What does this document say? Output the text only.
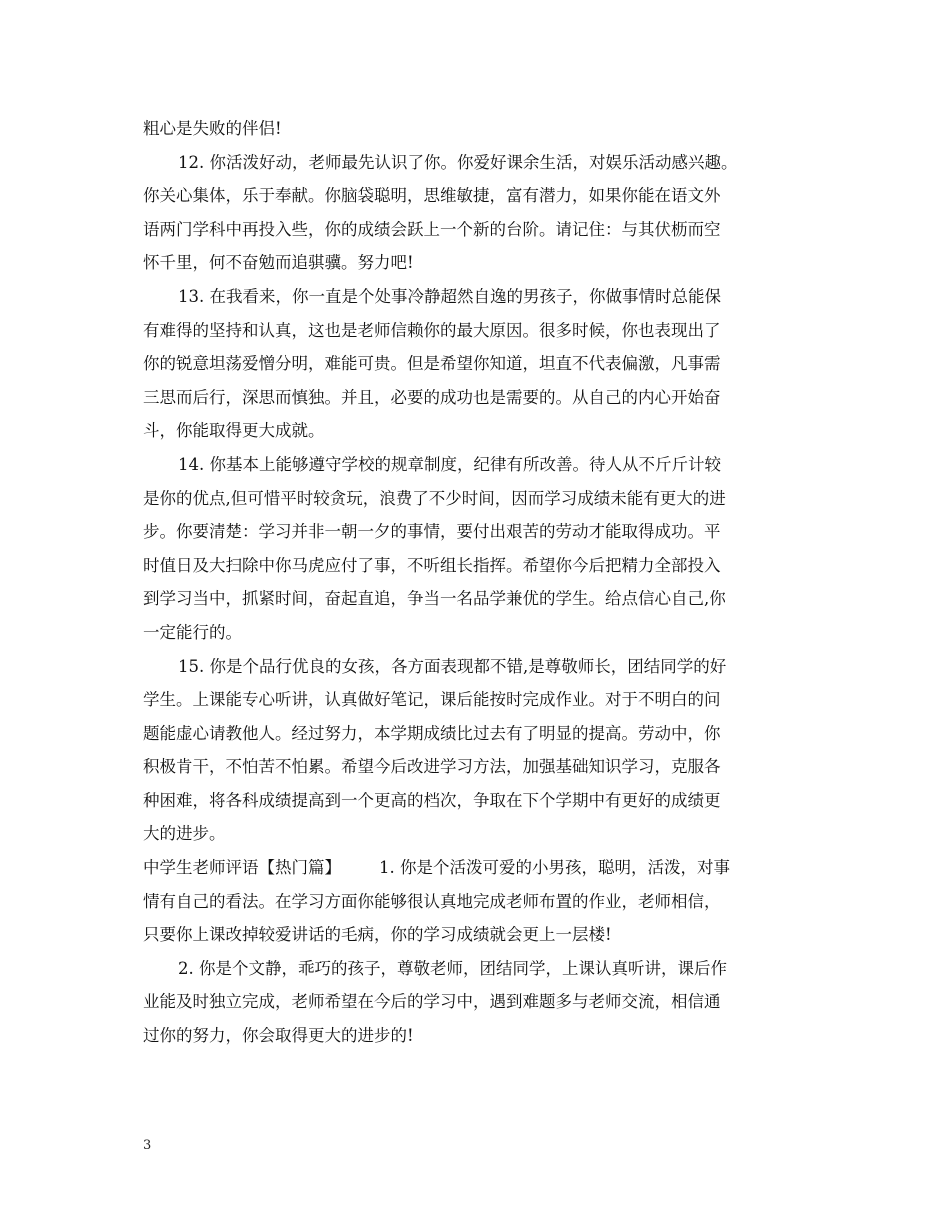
粗心是失败的伴侣!
12. 你活泼好动，老师最先认识了你。你爱好课余生活，对娱乐活动感兴趣。
你关心集体，乐于奉献。你脑袋聪明，思维敏捷，富有潜力，如果你能在语文外
语两门学科中再投入些，你的成绩会跃上一个新的台阶。请记住：与其伏枥而空
怀千里，何不奋勉而追骐骥。努力吧!
13. 在我看来，你一直是个处事冷静超然自逸的男孩子，你做事情时总能保
有难得的坚持和认真，这也是老师信赖你的最大原因。很多时候，你也表现出了
你的锐意坦荡爱憎分明，难能可贵。但是希望你知道，坦直不代表偏激，凡事需
三思而后行，深思而慎独。并且，必要的成功也是需要的。从自己的内心开始奋
斗，你能取得更大成就。
14. 你基本上能够遵守学校的规章制度，纪律有所改善。待人从不斤斤计较
是你的优点,但可惜平时较贪玩，浪费了不少时间，因而学习成绩未能有更大的进
步。你要清楚：学习并非一朝一夕的事情，要付出艰苦的劳动才能取得成功。平
时值日及大扫除中你马虎应付了事，不听组长指挥。希望你今后把精力全部投入
到学习当中，抓紧时间，奋起直追，争当一名品学兼优的学生。给点信心自己,你
一定能行的。
15. 你是个品行优良的女孩，各方面表现都不错,是尊敬师长，团结同学的好
学生。上课能专心听讲，认真做好笔记，课后能按时完成作业。对于不明白的问
题能虚心请教他人。经过努力，本学期成绩比过去有了明显的提高。劳动中，你
积极肯干，不怕苦不怕累。希望今后改进学习方法，加强基础知识学习，克服各
种困难，将各科成绩提高到一个更高的档次，争取在下个学期中有更好的成绩更
大的进步。
中学生老师评语【热门篇】 1. 你是个活泼可爱的小男孩，聪明，活泼，对事
情有自己的看法。在学习方面你能够很认真地完成老师布置的作业，老师相信，
只要你上课改掉较爱讲话的毛病，你的学习成绩就会更上一层楼!
2. 你是个文静，乖巧的孩子，尊敬老师，团结同学，上课认真听讲，课后作
业能及时独立完成，老师希望在今后的学习中，遇到难题多与老师交流，相信通
过你的努力，你会取得更大的进步的!
3
